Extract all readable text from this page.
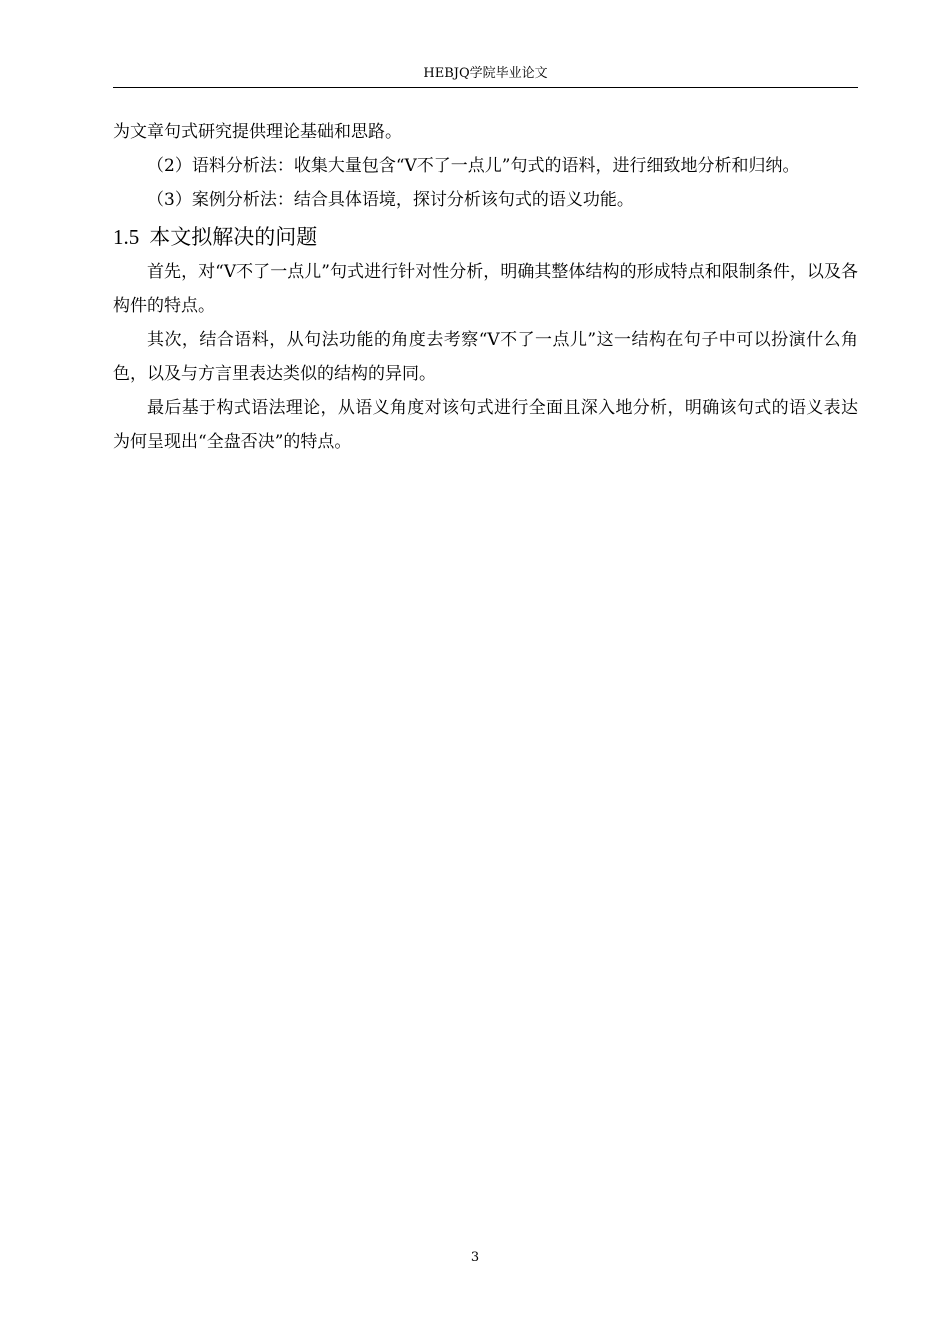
HEBJQ学院毕业论文

为文章句式研究提供理论基础和思路。

（2）语料分析法：收集大量包含“V不了一点儿”句式的语料，进行细致地分析和归纳。

（3）案例分析法：结合具体语境，探讨分析该句式的语义功能。

1.5 本文拟解决的问题

首先，对“V不了一点儿”句式进行针对性分析，明确其整体结构的形成特点和限制条件，以及各构件的特点。

其次，结合语料，从句法功能的角度去考察“V不了一点儿”这一结构在句子中可以扮演什么角色，以及与方言里表达类似的结构的异同。

最后基于构式语法理论，从语义角度对该句式进行全面且深入地分析，明确该句式的语义表达为何呈现出“全盘否决”的特点。

3
